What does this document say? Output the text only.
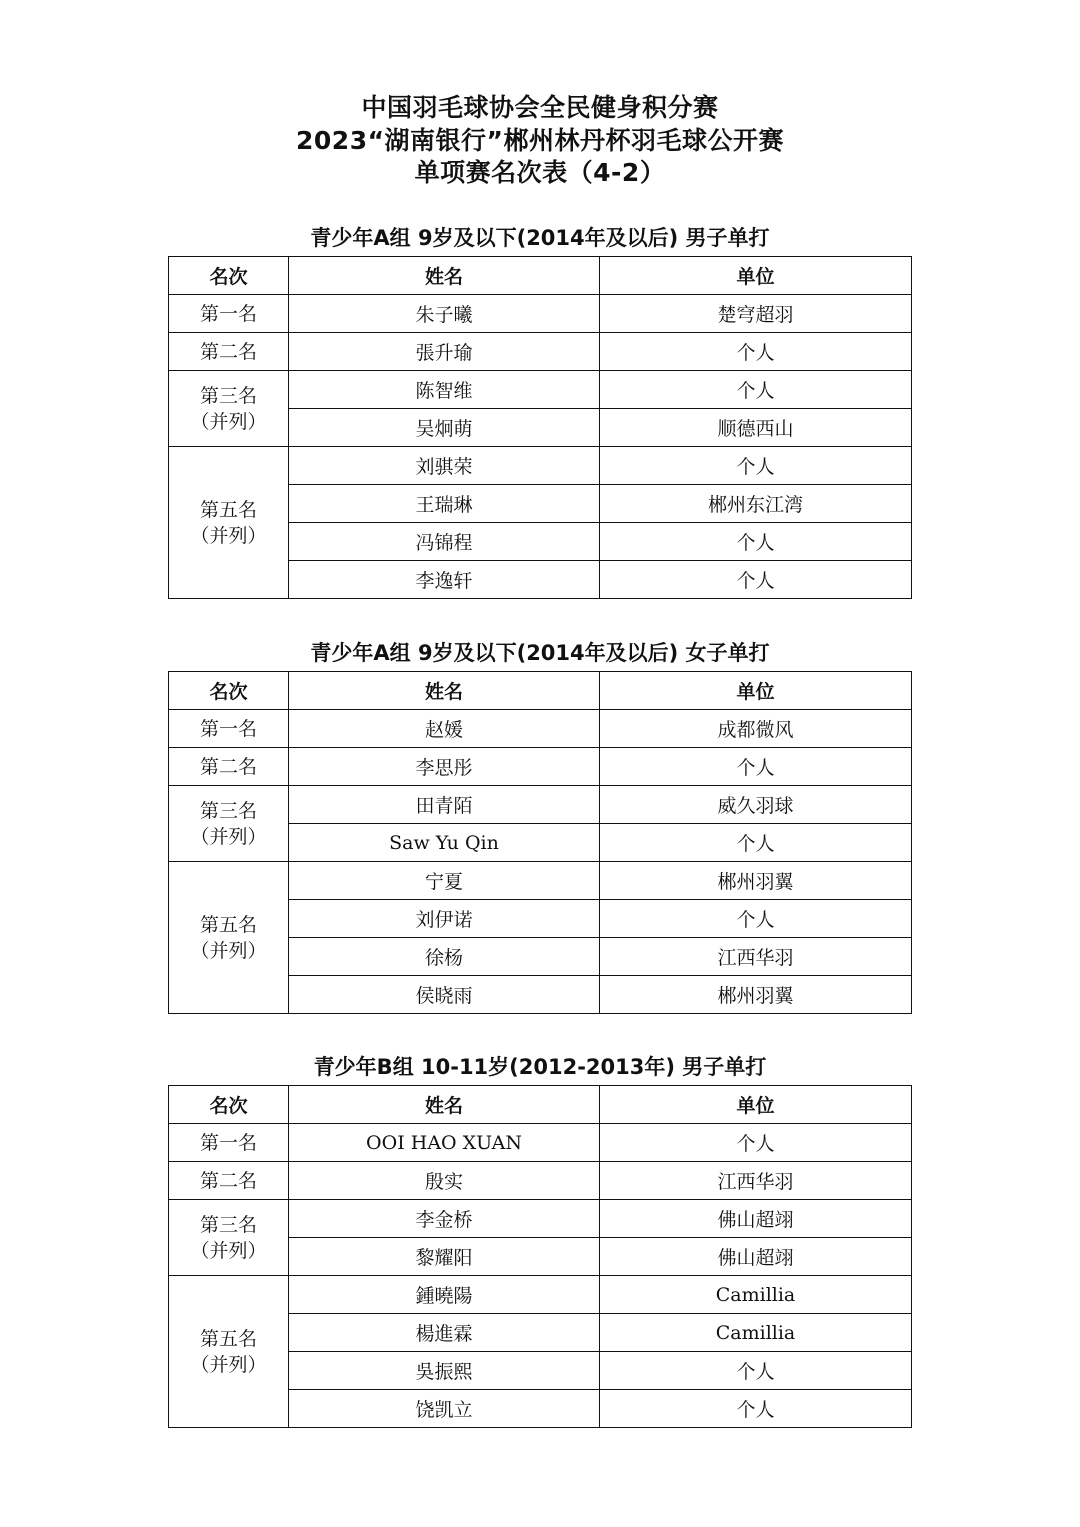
中国羽毛球协会全民健身积分赛
2023“湖南银行”郴州林丹杯羽毛球公开赛
单项赛名次表（4-2）
青少年A组 9岁及以下(2014年及以后) 男子单打
名次	姓名	单位

第一名	朱子曦	楚穹超羽

第二名	張升瑜	个人

第三名
（并列）	陈智维	个人
	吴炯萌	顺德西山

第五名
（并列）	刘骐荣	个人
	王瑞琳	郴州东江湾
	冯锦程	个人
	李逸轩	个人
青少年A组 9岁及以下(2014年及以后) 女子单打
名次	姓名	单位

第一名	赵媛	成都微风

第二名	李思彤	个人

第三名
（并列）	田青陌	威久羽球
	Saw Yu Qin	个人

第五名
（并列）	宁夏	郴州羽翼
	刘伊诺	个人
	徐杨	江西华羽
	侯晓雨	郴州羽翼
青少年B组 10-11岁(2012-2013年) 男子单打
名次	姓名	单位

第一名	OOI HAO XUAN	个人

第二名	殷实	江西华羽

第三名
（并列）	李金桥	佛山超翊
	黎耀阳	佛山超翊

第五名
（并列）	鍾曉陽	Camillia
	楊進霖	Camillia
	吳振熙	个人
	饶凯立	个人
